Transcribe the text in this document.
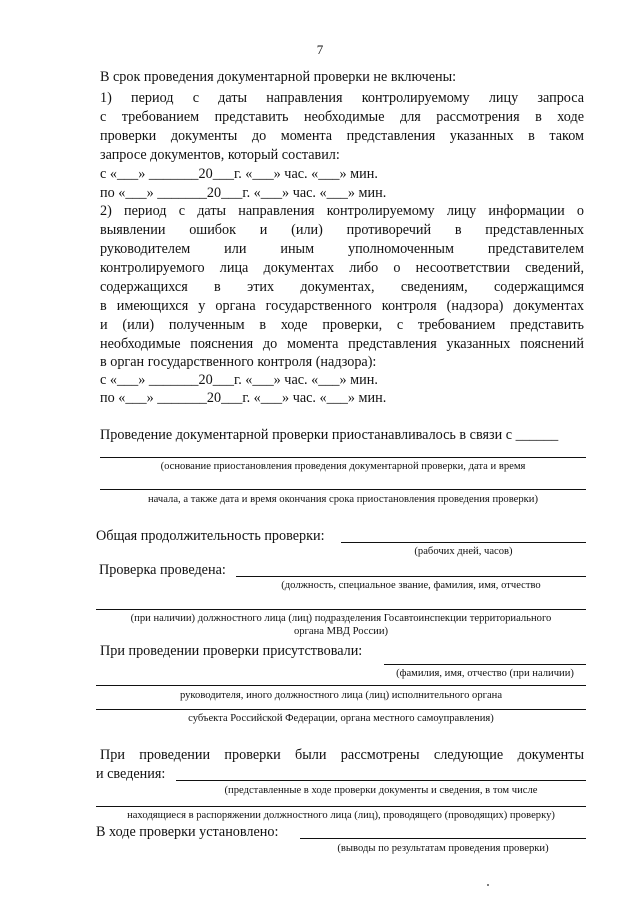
7
В срок проведения документарной проверки не включены:
1) период с даты направления контролируемому лицу запроса
с требованием представить необходимые для рассмотрения в ходе
проверки документы до момента представления указанных в таком
запросе документов, который составил:
с «___» _______20___г. «___» час. «___» мин.
по «___» _______20___г. «___» час. «___» мин.
2) период с даты направления контролируемому лицу информации о
выявлении ошибок и (или) противоречий в представленных
руководителем или иным уполномоченным представителем
контролируемого лица документах либо о несоответствии сведений,
содержащихся в этих документах, сведениям, содержащимся
в имеющихся у органа государственного контроля (надзора) документах
и (или) полученным в ходе проверки, с требованием представить
необходимые пояснения до момента представления указанных пояснений
в орган государственного контроля (надзора):
с «___» _______20___г. «___» час. «___» мин.
по «___» _______20___г. «___» час. «___» мин.
Проведение документарной проверки приостанавливалось в связи с ______
(основание приостановления проведения документарной проверки, дата и время
начала, а также дата и время окончания срока приостановления проведения проверки)
Общая продолжительность проверки:
(рабочих дней, часов)
Проверка проведена:
(должность, специальное звание, фамилия, имя, отчество
(при наличии) должностного лица (лиц) подразделения Госавтоинспекции территориального
органа МВД России)
При проведении проверки присутствовали:
(фамилия, имя, отчество (при наличии)
руководителя, иного должностного лица (лиц) исполнительного органа
субъекта Российской Федерации, органа местного самоуправления)
При проведении проверки были рассмотрены следующие документы
и сведения:
(представленные в ходе проверки документы и сведения, в том числе
находящиеся в распоряжении должностного лица (лиц), проводящего (проводящих) проверку)
В ходе проверки установлено:
(выводы по результатам проведения проверки)
